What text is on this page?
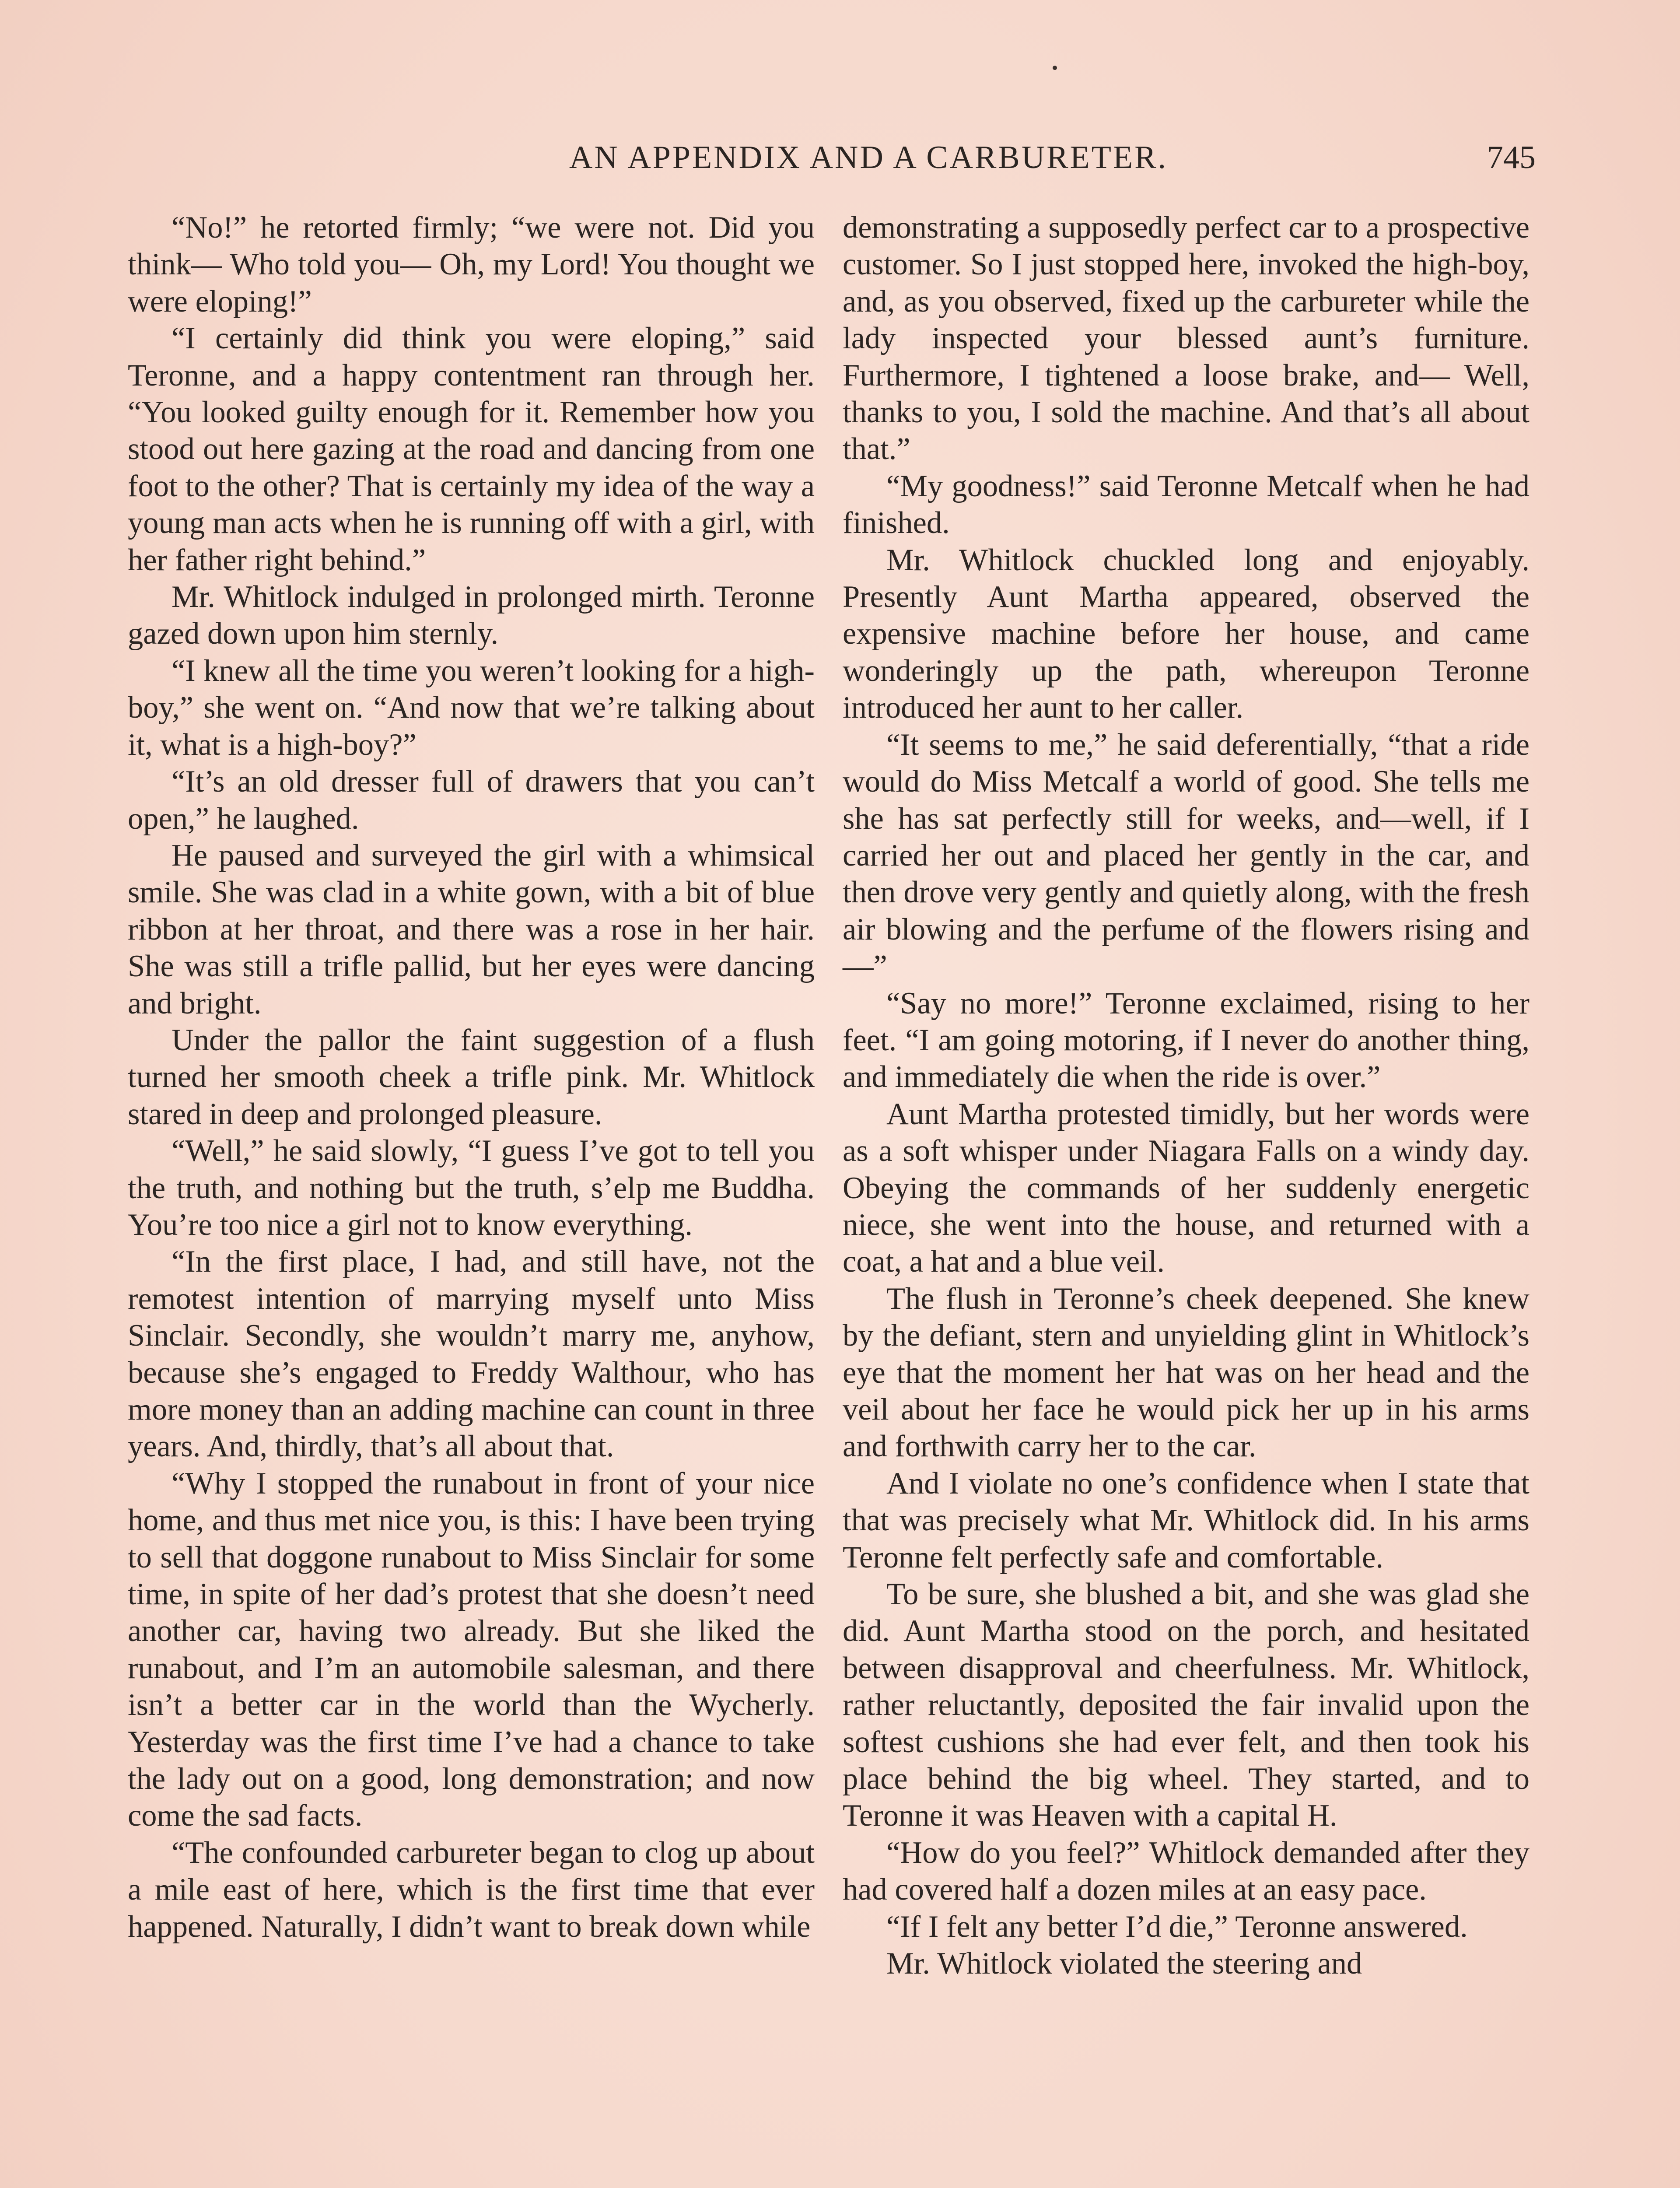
AN APPENDIX AND A CARBURETER.	745

“No!” he retorted firmly; “we were not. Did you think— Who told you— Oh, my Lord! You thought we were eloping!”

“I certainly did think you were eloping,” said Teronne, and a happy contentment ran through her. “You looked guilty enough for it. Remember how you stood out here gazing at the road and dancing from one foot to the other? That is certainly my idea of the way a young man acts when he is running off with a girl, with her father right behind.”

Mr. Whitlock indulged in prolonged mirth. Teronne gazed down upon him sternly.

“I knew all the time you weren’t looking for a high-boy,” she went on. “And now that we’re talking about it, what is a high-boy?”

“It’s an old dresser full of drawers that you can’t open,” he laughed.

He paused and surveyed the girl with a whimsical smile. She was clad in a white gown, with a bit of blue ribbon at her throat, and there was a rose in her hair. She was still a trifle pallid, but her eyes were dancing and bright.

Under the pallor the faint suggestion of a flush turned her smooth cheek a trifle pink. Mr. Whitlock stared in deep and prolonged pleasure.

“Well,” he said slowly, “I guess I’ve got to tell you the truth, and nothing but the truth, s’elp me Buddha. You’re too nice a girl not to know everything.

“In the first place, I had, and still have, not the remotest intention of marrying myself unto Miss Sinclair. Secondly, she wouldn’t marry me, anyhow, because she’s engaged to Freddy Walthour, who has more money than an adding machine can count in three years. And, thirdly, that’s all about that.

“Why I stopped the runabout in front of your nice home, and thus met nice you, is this: I have been trying to sell that doggone runabout to Miss Sinclair for some time, in spite of her dad’s protest that she doesn’t need another car, having two already. But she liked the runabout, and I’m an automobile salesman, and there isn’t a better car in the world than the Wycherly. Yesterday was the first time I’ve had a chance to take the lady out on a good, long demonstration; and now come the sad facts.

“The confounded carbureter began to clog up about a mile east of here, which is the first time that ever happened. Naturally, I didn’t want to break down while

demonstrating a supposedly perfect car to a prospective customer. So I just stopped here, invoked the high-boy, and, as you observed, fixed up the carbureter while the lady inspected your blessed aunt’s furniture. Furthermore, I tightened a loose brake, and— Well, thanks to you, I sold the machine. And that’s all about that.”

“My goodness!” said Teronne Metcalf when he had finished.

Mr. Whitlock chuckled long and enjoyably. Presently Aunt Martha appeared, observed the expensive machine before her house, and came wonderingly up the path, whereupon Teronne introduced her aunt to her caller.

“It seems to me,” he said deferentially, “that a ride would do Miss Metcalf a world of good. She tells me she has sat perfectly still for weeks, and—well, if I carried her out and placed her gently in the car, and then drove very gently and quietly along, with the fresh air blowing and the perfume of the flowers rising and—”

“Say no more!” Teronne exclaimed, rising to her feet. “I am going motoring, if I never do another thing, and immediately die when the ride is over.”

Aunt Martha protested timidly, but her words were as a soft whisper under Niagara Falls on a windy day. Obeying the commands of her suddenly energetic niece, she went into the house, and returned with a coat, a hat and a blue veil.

The flush in Teronne’s cheek deepened. She knew by the defiant, stern and unyielding glint in Whitlock’s eye that the moment her hat was on her head and the veil about her face he would pick her up in his arms and forthwith carry her to the car.

And I violate no one’s confidence when I state that that was precisely what Mr. Whitlock did. In his arms Teronne felt perfectly safe and comfortable.

To be sure, she blushed a bit, and she was glad she did. Aunt Martha stood on the porch, and hesitated between disapproval and cheerfulness. Mr. Whitlock, rather reluctantly, deposited the fair invalid upon the softest cushions she had ever felt, and then took his place behind the big wheel. They started, and to Teronne it was Heaven with a capital H.

“How do you feel?” Whitlock demanded after they had covered half a dozen miles at an easy pace.

“If I felt any better I’d die,” Teronne answered.

Mr. Whitlock violated the steering and
